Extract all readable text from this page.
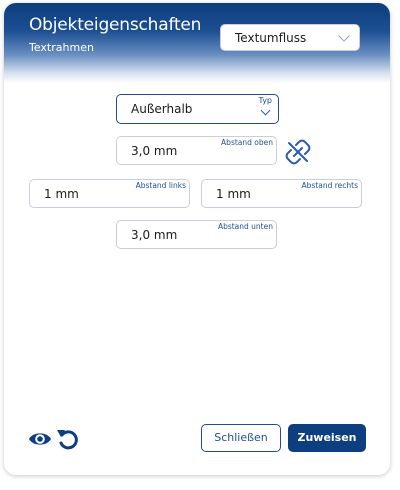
Objekteigenschaften
Textrahmen
Textumfluss
Außerhalb
Typ
3,0 mm
Abstand oben
1 mm
Abstand links
1 mm
Abstand rechts
3,0 mm
Abstand unten
Schließen	Zuweisen
